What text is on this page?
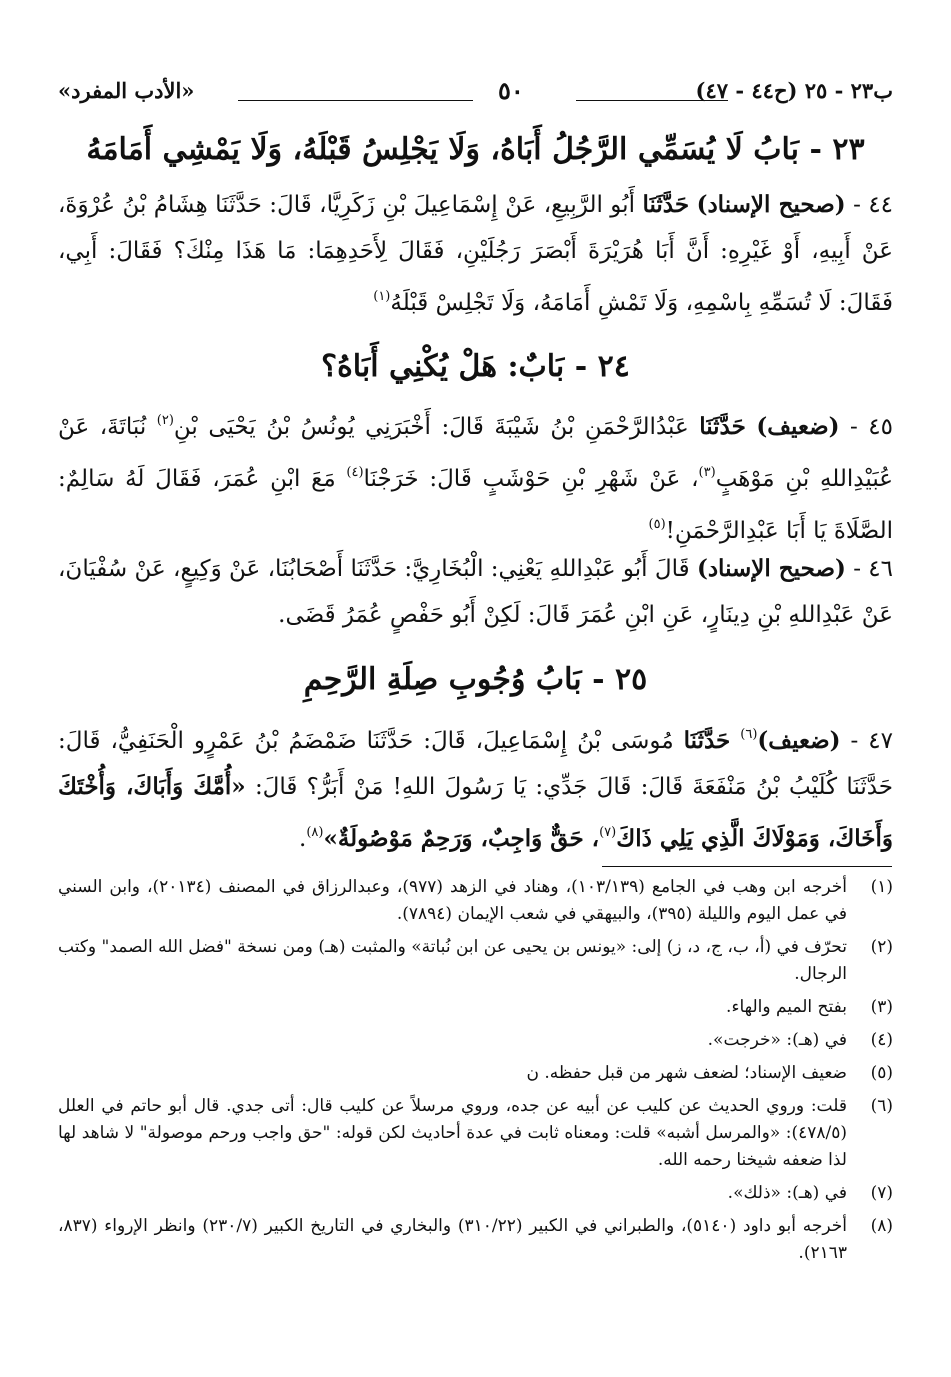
ب٢٣ - ٢٥ (ح٤٤ - ٤٧)
٥٠
«الأدب المفرد»
٢٣ - بَابُ لَا يُسَمِّي الرَّجُلُ أَبَاهُ، وَلَا يَجْلِسُ قَبْلَهُ، وَلَا يَمْشِي أَمَامَهُ
٤٤ - (صحيح الإسناد) حَدَّثَنَا أَبُو الرَّبِيعِ، عَنْ إِسْمَاعِيلَ بْنِ زَكَرِيَّا، قَالَ: حَدَّثَنَا هِشَامُ بْنُ عُرْوَةَ، عَنْ أَبِيهِ، أَوْ غَيْرِهِ: أَنَّ أَبَا هُرَيْرَةَ أَبْصَرَ رَجُلَيْنِ، فَقَالَ لِأَحَدِهِمَا: مَا هَذَا مِنْكَ؟ فَقَالَ: أَبِي، فَقَالَ: لَا تُسَمِّهِ بِاسْمِهِ، وَلَا تَمْشِ أَمَامَهُ، وَلَا تَجْلِسْ قَبْلَهُ$^{(١)}$
٢٤ - بَابٌ: هَلْ يُكْنِي أَبَاهُ؟
٤٥ - (ضعيف) حَدَّثَنَا عَبْدُالرَّحْمَنِ بْنُ شَيْبَةَ قَالَ: أَخْبَرَنِي يُونُسُ بْنُ يَحْيَى بْنِ$^{(٢)}$ نُبَاتَةَ، عَنْ عُبَيْدِاللهِ بْنِ مَوْهَبٍ$^{(٣)}$، عَنْ شَهْرِ بْنِ حَوْشَبٍ قَالَ: خَرَجْنَا$^{(٤)}$ مَعَ ابْنِ عُمَرَ، فَقَالَ لَهُ سَالِمٌ: الصَّلَاةَ يَا أَبَا عَبْدِالرَّحْمَنِ!$^{(٥)}$
٤٦ - (صحيح الإسناد) قَالَ أَبُو عَبْدِاللهِ يَعْنِي: الْبُخَارِيَّ: حَدَّثَنَا أَصْحَابُنَا، عَنْ وَكِيعٍ، عَنْ سُفْيَانَ، عَنْ عَبْدِاللهِ بْنِ دِينَارٍ، عَنِ ابْنِ عُمَرَ قَالَ: لَكِنْ أَبُو حَفْصٍ عُمَرُ قَضَى.
٢٥ - بَابُ وُجُوبِ صِلَةِ الرَّحِمِ
٤٧ - (ضعيف)$^{(٦)}$ حَدَّثَنَا مُوسَى بْنُ إِسْمَاعِيلَ، قَالَ: حَدَّثَنَا ضَمْضَمُ بْنُ عَمْرٍو الْحَنَفِيُّ، قَالَ: حَدَّثَنَا كُلَيْبُ بْنُ مَنْفَعَةَ قَالَ: قَالَ جَدِّي: يَا رَسُولَ اللهِ! مَنْ أَبَرُّ؟ قَالَ: «أُمَّكَ وَأَبَاكَ، وَأُخْتَكَ وَأَخَاكَ، وَمَوْلَاكَ الَّذِي يَلِي ذَاكَ$^{(٧)}$، حَقٌّ وَاجِبٌ، وَرَحِمٌ مَوْصُولَةٌ»$^{(٨)}$.
(١)
أخرجه ابن وهب في الجامع (١٠٣/١٣٩)، وهناد في الزهد (٩٧٧)، وعبدالرزاق في المصنف (٢٠١٣٤)، وابن السني في عمل اليوم والليلة (٣٩٥)، والبيهقي في شعب الإيمان (٧٨٩٤).
(٢)
تحرّف في (أ، ب، ج، د، ز) إلى: «يونس بن يحيى عن ابن نُباتة» والمثبت (هـ) ومن نسخة "فضل الله الصمد" وكتب الرجال.
(٣)
بفتح الميم والهاء.
(٤)
في (هـ): «خرجت».
(٥)
ضعيف الإسناد؛ لضعف شهر من قبل حفظه. ن
(٦)
قلت: وروي الحديث عن كليب عن أبيه عن جده، وروي مرسلاً عن كليب قال: أتى جدي. قال أبو حاتم في العلل (٤٧٨/٥): «والمرسل أشبه» قلت: ومعناه ثابت في عدة أحاديث لكن قوله: "حق واجب ورحم موصولة" لا شاهد لها لذا ضعفه شيخنا رحمه الله.
(٧)
في (هـ): «ذلك».
(٨)
أخرجه أبو داود (٥١٤٠)، والطبراني في الكبير (٣١٠/٢٢) والبخاري في التاريخ الكبير (٢٣٠/٧) وانظر الإرواء (٨٣٧، ٢١٦٣).
